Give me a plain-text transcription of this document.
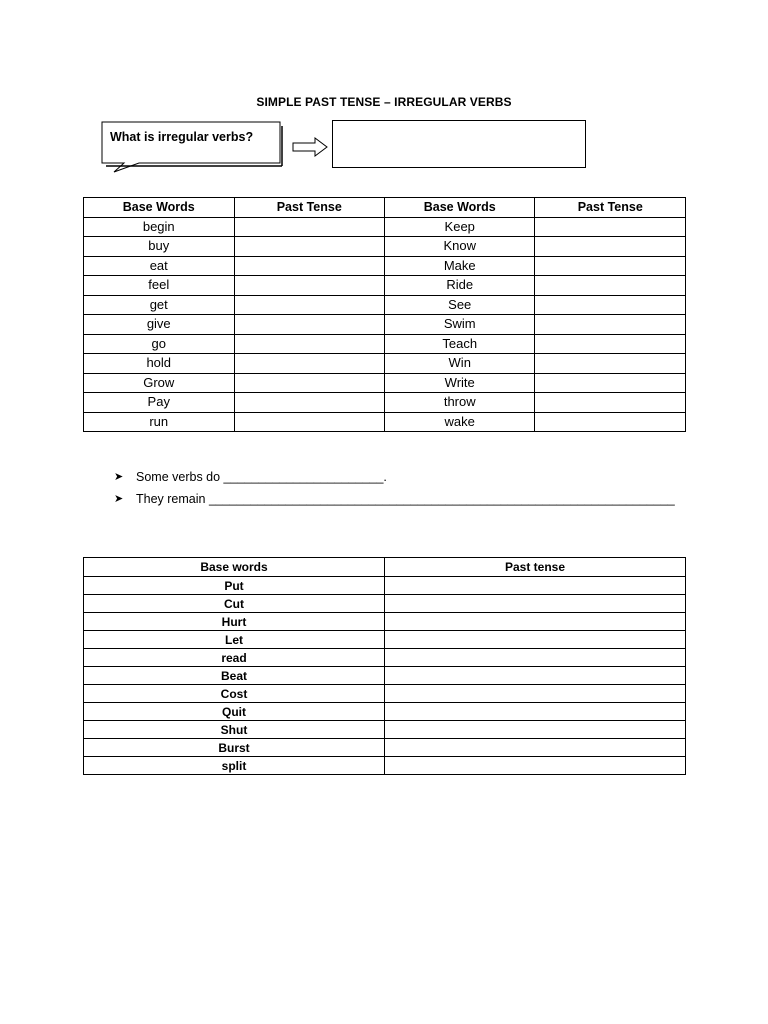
SIMPLE PAST TENSE – IRREGULAR VERBS
What is irregular verbs?
Base Words	Past Tense	Base Words	Past Tense
begin		Keep	
buy		Know	
eat		Make	
feel		Ride	
get		See	
give		Swim	
go		Teach	
hold		Win	
Grow		Write	
Pay		throw	
run		wake	
➤ Some verbs do _______________________.
➤ They remain ___________________________________________________________________
Base words	Past tense
Put	
Cut	
Hurt	
Let	
read	
Beat	
Cost	
Quit	
Shut	
Burst	
split	
